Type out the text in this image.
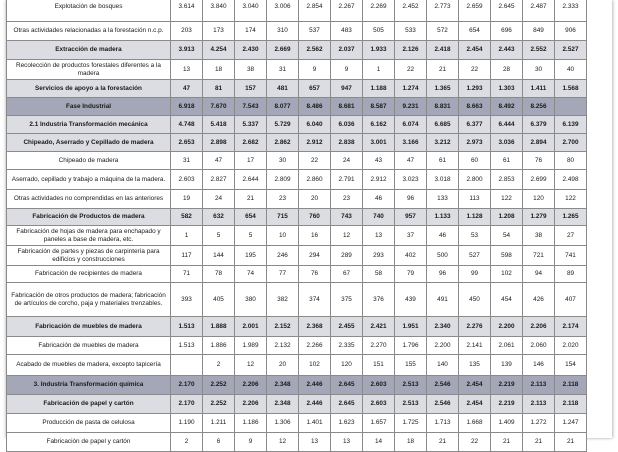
Explotación de bosques	3.614	3.840	3.040	3.006	2.854	2.267	2.269	2.452	2.773	2.659	2.645	2.487	2.333
Otras actividades relacionadas a la forestación n.c.p.	203	173	174	310	537	483	505	533	572	654	696	849	906
Extracción de madera	3.913	4.254	2.430	2.669	2.562	2.037	1.933	2.126	2.418	2.454	2.443	2.552	2.527
Recolección de productos forestales diferentes a la madera	13	18	38	31	9	9	1	22	21	22	28	30	40
Servicios de apoyo a la forestación	47	81	157	481	657	947	1.188	1.274	1.365	1.293	1.303	1.411	1.568
Fase Industrial	6.918	7.670	7.543	8.077	8.486	8.681	8.587	9.231	8.831	8.663	8.492	8.256	
2.1 Industria Transformación mecánica	4.748	5.418	5.337	5.729	6.040	6.036	6.162	6.074	6.685	6.377	6.444	6.379	6.139
Chipeado, Aserrado y Cepillado de madera	2.653	2.898	2.682	2.862	2.912	2.838	3.001	3.166	3.212	2.973	3.036	2.894	2.700
Chipeado de madera	31	47	17	30	22	24	43	47	61	60	61	76	80
Aserrado, cepillado y trabajo a máquina de la madera.	2.603	2.827	2.644	2.809	2.860	2.791	2.912	3.023	3.018	2.800	2.853	2.699	2.498
Otras actividades no comprendidas en las anteriores	19	24	21	23	20	23	46	96	133	113	122	120	122
Fabricación de Productos de madera	582	632	654	715	760	743	740	957	1.133	1.128	1.208	1.279	1.265
Fabricación de hojas de madera para enchapado y paneles a base de madera, etc.	1	5	5	10	16	12	13	37	46	53	54	38	27
Fabricación de partes y piezas de carpintería para edificios y construcciones	117	144	195	246	294	289	293	402	500	527	598	721	741
Fabricación de recipientes de madera	71	78	74	77	76	67	58	79	96	99	102	94	89
Fabricación de otros productos de madera; fabricación de artículos de corcho, paja y materiales trenzables.	393	405	380	382	374	375	376	439	491	450	454	426	407
Fabricación de muebles de madera	1.513	1.888	2.001	2.152	2.368	2.455	2.421	1.951	2.340	2.276	2.200	2.206	2.174
Fabricación de muebles de madera	1.513	1.886	1.989	2.132	2.266	2.335	2.270	1.796	2.200	2.141	2.061	2.060	2.020
Acabado de muebles de madera, excepto tapicería		2	12	20	102	120	151	155	140	135	139	146	154
3. Industria Transformación química	2.170	2.252	2.206	2.348	2.446	2.645	2.603	2.513	2.546	2.454	2.219	2.113	2.118
Fabricación de papel y cartón	2.170	2.252	2.206	2.348	2.446	2.645	2.603	2.513	2.546	2.454	2.219	2.113	2.118
Producción de pasta de celulosa	1.190	1.211	1.186	1.306	1.401	1.623	1.657	1.725	1.713	1.668	1.409	1.272	1.247
Fabricación de papel y cartón	2	6	9	12	13	13	14	18	21	22	21	21	21
